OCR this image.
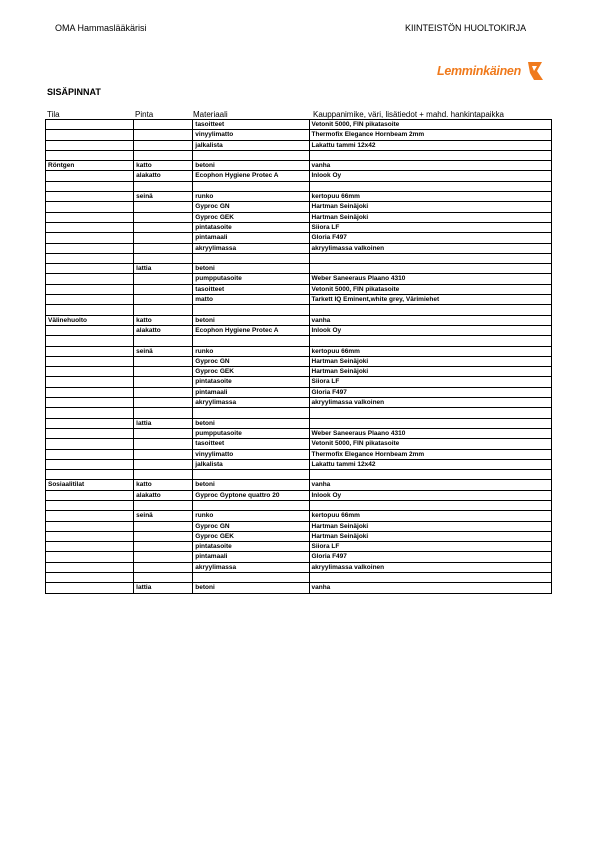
OMA Hammaslääkärisi	KIINTEISTÖN HUOLTOKIRJA
Lemminkäinen
SISÄPINNAT
Tila	Pinta	Materiaali	Kauppanimike, väri, lisätiedot + mahd. hankintapaikka
		tasoitteet	Vetonit 5000, FIN pikatasoite
		vinyylimatto	Thermofix Elegance Hornbeam 2mm
		jalkalista	Lakattu tammi 12x42

Röntgen	katto	betoni	vanha
	alakatto	Ecophon Hygiene Protec A	Inlook Oy

	seinä	runko	kertopuu 66mm
		Gyproc GN	Hartman Seinäjoki
		Gyproc GEK	Hartman Seinäjoki
		pintatasoite	Siiora LF
		pintamaali	Gloria F497
		akryylimassa	akryylimassa valkoinen

	lattia	betoni	
		pumpputasoite	Weber Saneeraus Plaano 4310
		tasoitteet	Vetonit 5000, FIN pikatasoite
		matto	Tarkett IQ Eminent,white grey, Värimiehet

Välinehuolto	katto	betoni	vanha
	alakatto	Ecophon Hygiene Protec A	Inlook Oy

	seinä	runko	kertopuu 66mm
		Gyproc GN	Hartman Seinäjoki
		Gyproc GEK	Hartman Seinäjoki
		pintatasoite	Siiora LF
		pintamaali	Gloria F497
		akryylimassa	akryylimassa valkoinen

	lattia	betoni	
		pumpputasoite	Weber Saneeraus Plaano 4310
		tasoitteet	Vetonit 5000, FIN pikatasoite
		vinyylimatto	Thermofix Elegance Hornbeam 2mm
		jalkalista	Lakattu tammi 12x42

Sosiaalitilat	katto	betoni	vanha
	alakatto	Gyproc Gyptone quattro 20	Inlook Oy

	seinä	runko	kertopuu 66mm
		Gyproc GN	Hartman Seinäjoki
		Gyproc GEK	Hartman Seinäjoki
		pintatasoite	Siiora LF
		pintamaali	Gloria F497
		akryylimassa	akryylimassa valkoinen

	lattia	betoni	vanha
